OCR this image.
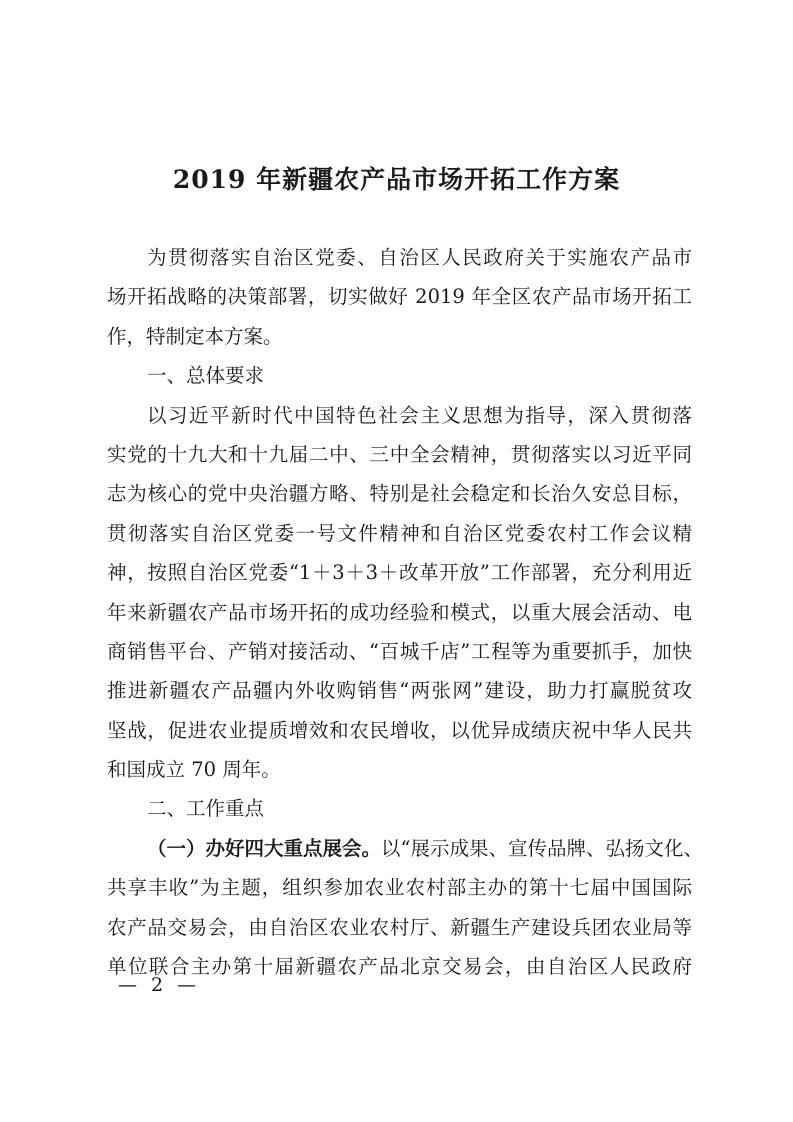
2019 年新疆农产品市场开拓工作方案
为贯彻落实自治区党委、自治区人民政府关于实施农产品市
场开拓战略的决策部署，切实做好 2019 年全区农产品市场开拓工
作，特制定本方案。
一、总体要求
以习近平新时代中国特色社会主义思想为指导，深入贯彻落
实党的十九大和十九届二中、三中全会精神，贯彻落实以习近平同
志为核心的党中央治疆方略、特别是社会稳定和长治久安总目标，
贯彻落实自治区党委一号文件精神和自治区党委农村工作会议精
神，按照自治区党委“1＋3＋3＋改革开放”工作部署，充分利用近
年来新疆农产品市场开拓的成功经验和模式，以重大展会活动、电
商销售平台、产销对接活动、“百城千店”工程等为重要抓手，加快
推进新疆农产品疆内外收购销售“两张网”建设，助力打赢脱贫攻
坚战，促进农业提质增效和农民增收，以优异成绩庆祝中华人民共
和国成立 70 周年。
二、工作重点
（一）办好四大重点展会。以“展示成果、宣传品牌、弘扬文化、
共享丰收”为主题，组织参加农业农村部主办的第十七届中国国际
农产品交易会，由自治区农业农村厅、新疆生产建设兵团农业局等
单位联合主办第十届新疆农产品北京交易会，由自治区人民政府
— 2 —
